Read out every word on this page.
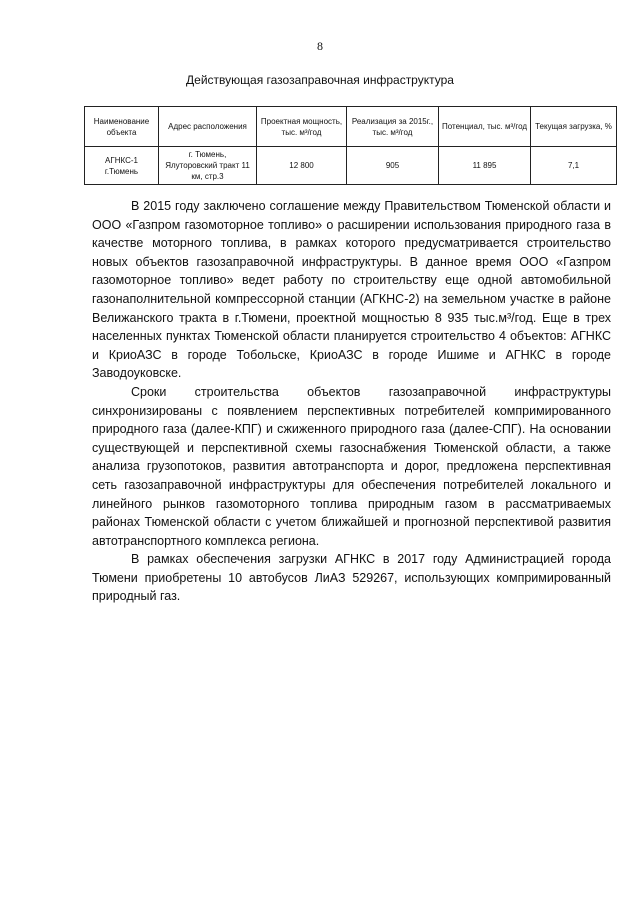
8
Действующая газозаправочная инфраструктура
Наименование объекта	Адрес расположения	Проектная мощность, тыс. м³/год	Реализация за 2015г., тыс. м³/год	Потенциал, тыс. м³/год	Текущая загрузка, %
АГНКС-1 г.Тюмень	г. Тюмень, Ялуторовский тракт 11 км, стр.3	12 800	905	11 895	7,1

В 2015 году заключено соглашение между Правительством Тюменской области и ООО «Газпром газомоторное топливо» о расширении использования природного газа в качестве моторного топлива, в рамках которого предусматривается строительство новых объектов газозаправочной инфраструктуры. В данное время ООО «Газпром газомоторное топливо» ведет работу по строительству еще одной автомобильной газонаполнительной компрессорной станции (АГКНС-2) на земельном участке в районе Велижанского тракта в г.Тюмени, проектной мощностью 8 935 тыс.м³/год. Еще в трех населенных пунктах Тюменской области планируется строительство 4 объектов: АГНКС и КриоАЗС в городе Тобольске, КриоАЗС в городе Ишиме и АГНКС в городе Заводоуковске.

Сроки строительства объектов газозаправочной инфраструктуры синхронизированы с появлением перспективных потребителей компримированного природного газа (далее-КПГ) и сжиженного природного газа (далее-СПГ). На основании существующей и перспективной схемы газоснабжения Тюменской области, а также анализа грузопотоков, развития автотранспорта и дорог, предложена перспективная сеть газозаправочной инфраструктуры для обеспечения потребителей локального и линейного рынков газомоторного топлива природным газом в рассматриваемых районах Тюменской области с учетом ближайшей и прогнозной перспективой развития автотранспортного комплекса региона.

В рамках обеспечения загрузки АГНКС в 2017 году Администрацией города Тюмени приобретены 10 автобусов ЛиАЗ 529267, использующих компримированный природный газ.
